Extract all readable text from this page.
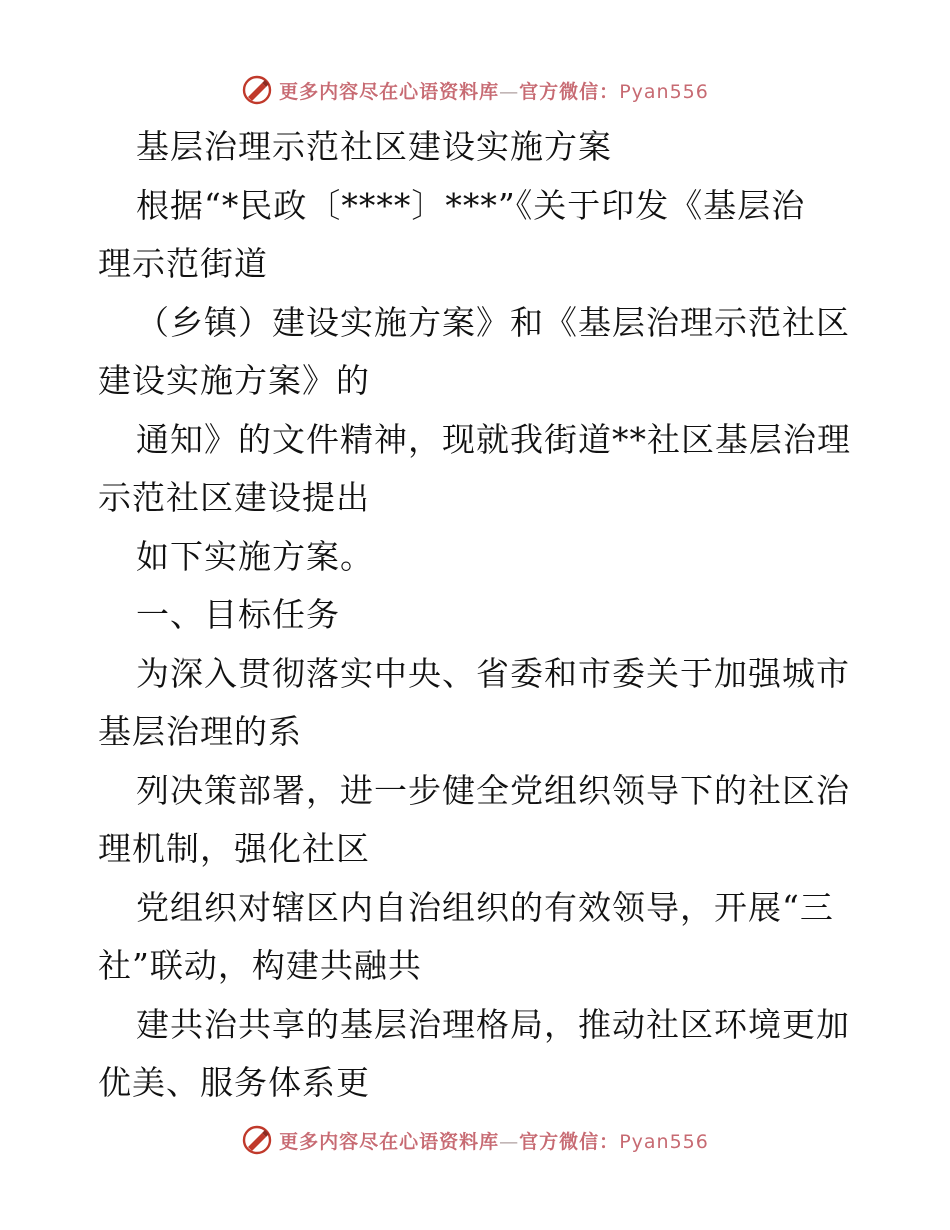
更多内容尽在心语资料库—官方微信：Pyan556
基层治理示范社区建设实施方案
根据“*民政〔****〕***”《关于印发《基层治
理示范街道
（乡镇）建设实施方案》和《基层治理示范社区
建设实施方案》的
通知》的文件精神，现就我街道**社区基层治理
示范社区建设提出
如下实施方案。
一、目标任务
为深入贯彻落实中央、省委和市委关于加强城市
基层治理的系
列决策部署，进一步健全党组织领导下的社区治
理机制，强化社区
党组织对辖区内自治组织的有效领导，开展“三
社”联动，构建共融共
建共治共享的基层治理格局，推动社区环境更加
优美、服务体系更
更多内容尽在心语资料库—官方微信：Pyan556
